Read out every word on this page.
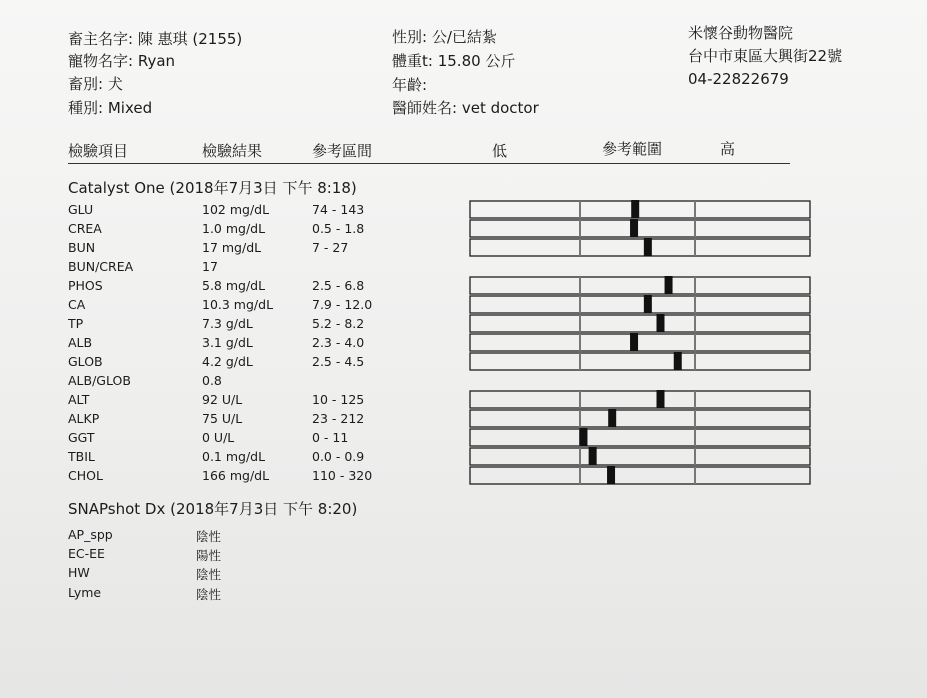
畜主名字: 陳 惠琪 (2155)
寵物名字: Ryan
畜別: 犬
種別: Mixed
性別: 公/已結紮
體重t: 15.80 公斤
年齡:
醫師姓名: vet doctor
米懷谷動物醫院
台中市東區大興街22號
04-22822679
檢驗項目	檢驗結果	參考區間	低	參考範圍	高
Catalyst One (2018年7月3日 下午 8:18)
GLU	102 mg/dL	74 - 143
CREA	1.0 mg/dL	0.5 - 1.8
BUN	17 mg/dL	7 - 27
BUN/CREA	17
PHOS	5.8 mg/dL	2.5 - 6.8
CA	10.3 mg/dL	7.9 - 12.0
TP	7.3 g/dL	5.2 - 8.2
ALB	3.1 g/dL	2.3 - 4.0
GLOB	4.2 g/dL	2.5 - 4.5
ALB/GLOB	0.8
ALT	92 U/L	10 - 125
ALKP	75 U/L	23 - 212
GGT	0 U/L	0 - 11
TBIL	0.1 mg/dL	0.0 - 0.9
CHOL	166 mg/dL	110 - 320
SNAPshot Dx (2018年7月3日 下午 8:20)
AP_spp	陰性
EC-EE	陽性
HW	陰性
Lyme	陰性
